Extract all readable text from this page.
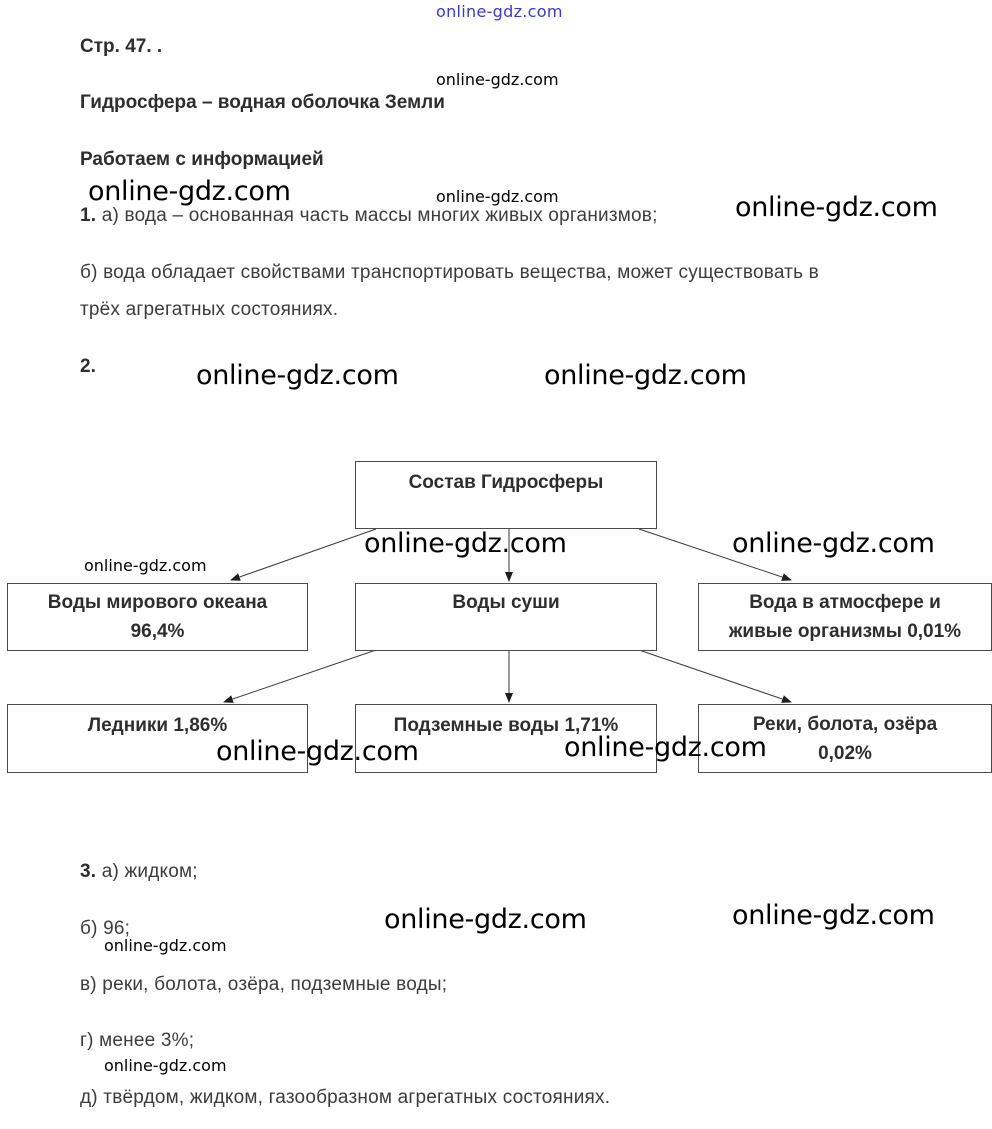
online-gdz.com
Стр. 47. .
Гидросфера – водная оболочка Земли
Работаем с информацией
1. а) вода – основанная часть массы многих живых организмов;
б) вода обладает свойствами транспортировать вещества, может существовать в
трёх агрегатных состояниях.
2.
Состав Гидросферы
Воды мирового океана
96,4%
Воды суши	Вода в атмосфере и
живые организмы 0,01%
Ледники 1,86%	Подземные воды 1,71%	Реки, болота, озёра
0,02%
3. а) жидком;
б) 96;
в) реки, болота, озёра, подземные воды;
г) менее 3%;
д) твёрдом, жидком, газообразном агрегатных состояниях.
online-gdz.com
online-gdz.com	online-gdz.com	online-gdz.com
online-gdz.com	online-gdz.com
online-gdz.com	online-gdz.com
online-gdz.com
online-gdz.com
online-gdz.com
online-gdz.com
online-gdz.com
online-gdz.com
online-gdz.com
